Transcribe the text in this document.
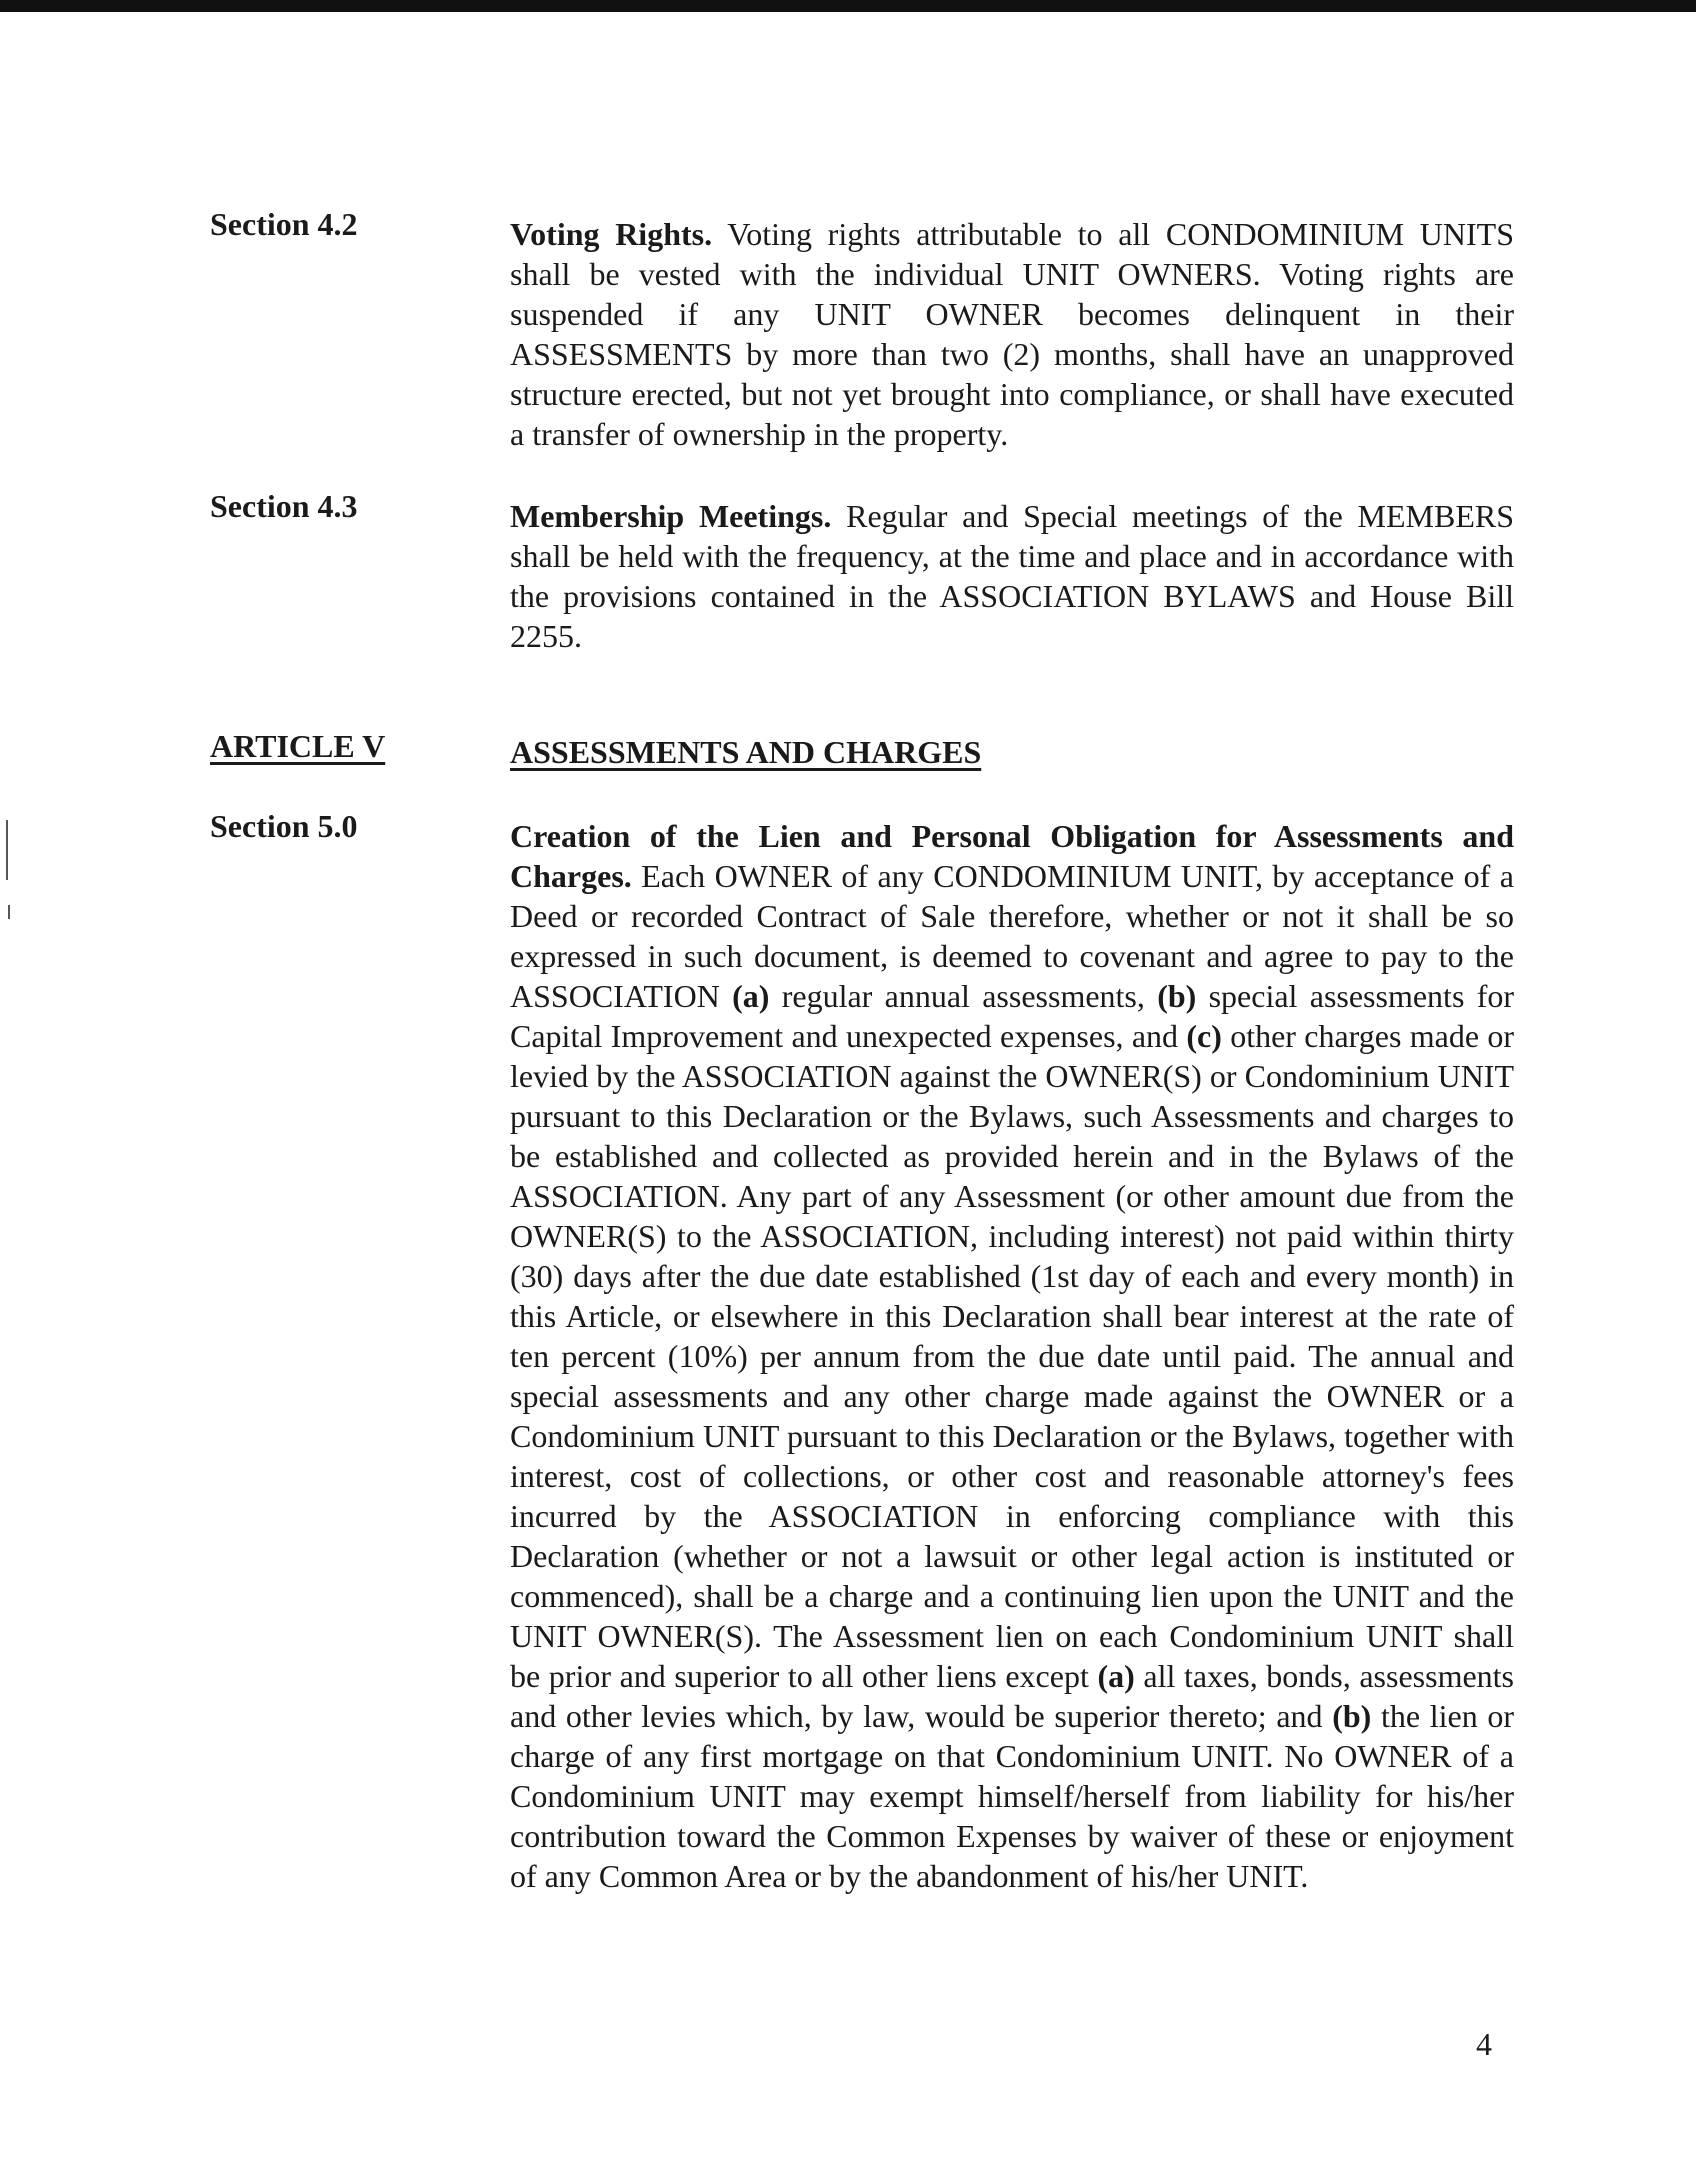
Section 4.2	Voting Rights. Voting rights attributable to all CONDOMINIUM UNITS shall be vested with the individual UNIT OWNERS. Voting rights are suspended if any UNIT OWNER becomes delinquent in their ASSESSMENTS by more than two (2) months, shall have an unapproved structure erected, but not yet brought into compliance, or shall have executed a transfer of ownership in the property.
Section 4.3	Membership Meetings. Regular and Special meetings of the MEMBERS shall be held with the frequency, at the time and place and in accordance with the provisions contained in the ASSOCIATION BYLAWS and House Bill 2255.
ARTICLE V	ASSESSMENTS AND CHARGES
Section 5.0	Creation of the Lien and Personal Obligation for Assessments and Charges. Each OWNER of any CONDOMINIUM UNIT, by acceptance of a Deed or recorded Contract of Sale therefore, whether or not it shall be so expressed in such document, is deemed to covenant and agree to pay to the ASSOCIATION (a) regular annual assessments, (b) special assessments for Capital Improvement and unexpected expenses, and (c) other charges made or levied by the ASSOCIATION against the OWNER(S) or Condominium UNIT pursuant to this Declaration or the Bylaws, such Assessments and charges to be established and collected as provided herein and in the Bylaws of the ASSOCIATION. Any part of any Assessment (or other amount due from the OWNER(S) to the ASSOCIATION, including interest) not paid within thirty (30) days after the due date established (1st day of each and every month) in this Article, or elsewhere in this Declaration shall bear interest at the rate of ten percent (10%) per annum from the due date until paid. The annual and special assessments and any other charge made against the OWNER or a Condominium UNIT pursuant to this Declaration or the Bylaws, together with interest, cost of collections, or other cost and reasonable attorney's fees incurred by the ASSOCIATION in enforcing compliance with this Declaration (whether or not a lawsuit or other legal action is instituted or commenced), shall be a charge and a continuing lien upon the UNIT and the UNIT OWNER(S). The Assessment lien on each Condominium UNIT shall be prior and superior to all other liens except (a) all taxes, bonds, assessments and other levies which, by law, would be superior thereto; and (b) the lien or charge of any first mortgage on that Condominium UNIT. No OWNER of a Condominium UNIT may exempt himself/herself from liability for his/her contribution toward the Common Expenses by waiver of these or enjoyment of any Common Area or by the abandonment of his/her UNIT.
4
